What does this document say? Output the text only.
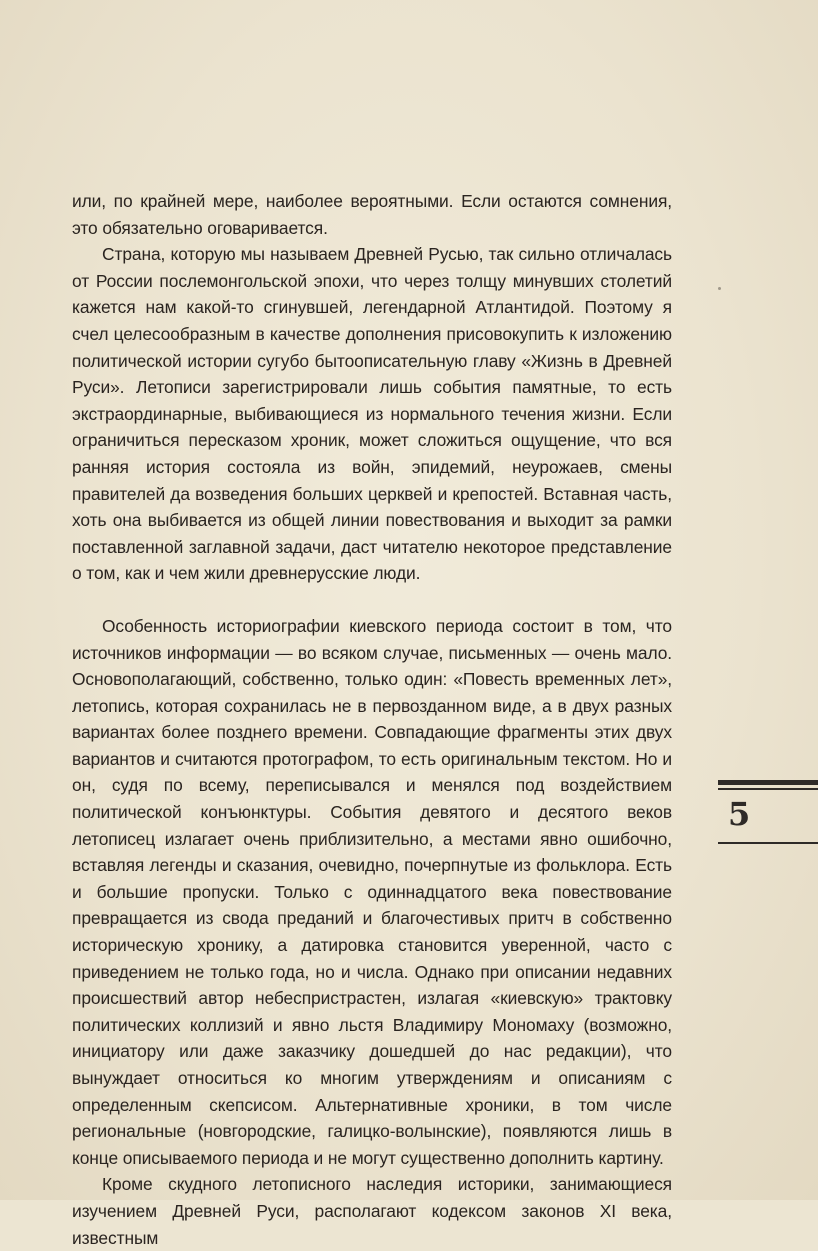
или, по крайней мере, наиболее вероятными. Если остаются сомнения, это обязательно оговаривается.

Страна, которую мы называем Древней Русью, так сильно отличалась от России послемонгольской эпохи, что через толщу минувших столетий кажется нам какой-то сгинувшей, легендарной Атлантидой. Поэтому я счел целесообразным в качестве дополнения присовокупить к изложению политической истории сугубо бытоописательную главу «Жизнь в Древней Руси». Летописи зарегистрировали лишь события памятные, то есть экстраординарные, выбивающиеся из нормального течения жизни. Если ограничиться пересказом хроник, может сложиться ощущение, что вся ранняя история состояла из войн, эпидемий, неурожаев, смены правителей да возведения больших церквей и крепостей. Вставная часть, хоть она выбивается из общей линии повествования и выходит за рамки поставленной заглавной задачи, даст читателю некоторое представление о том, как и чем жили древнерусские люди.

Особенность историографии киевского периода состоит в том, что источников информации — во всяком случае, письменных — очень мало. Основополагающий, собственно, только один: «Повесть временных лет», летопись, которая сохранилась не в первозданном виде, а в двух разных вариантах более позднего времени. Совпадающие фрагменты этих двух вариантов и считаются протографом, то есть оригинальным текстом. Но и он, судя по всему, переписывался и менялся под воздействием политической конъюнктуры. События девятого и десятого веков летописец излагает очень приблизительно, а местами явно ошибочно, вставляя легенды и сказания, очевидно, почерпнутые из фольклора. Есть и большие пропуски. Только с одиннадцатого века повествование превращается из свода преданий и благочестивых притч в собственно историческую хронику, а датировка становится уверенной, часто с приведением не только года, но и числа. Однако при описании недавних происшествий автор небеспристрастен, излагая «киевскую» трактовку политических коллизий и явно льстя Владимиру Мономаху (возможно, инициатору или даже заказчику дошедшей до нас редакции), что вынуждает относиться ко многим утверждениям и описаниям с определенным скепсисом. Альтернативные хроники, в том числе региональные (новгородские, галицко-волынские), появляются лишь в конце описываемого периода и не могут существенно дополнить картину.

Кроме скудного летописного наследия историки, занимающиеся изучением Древней Руси, располагают кодексом законов XI века, известным

5
